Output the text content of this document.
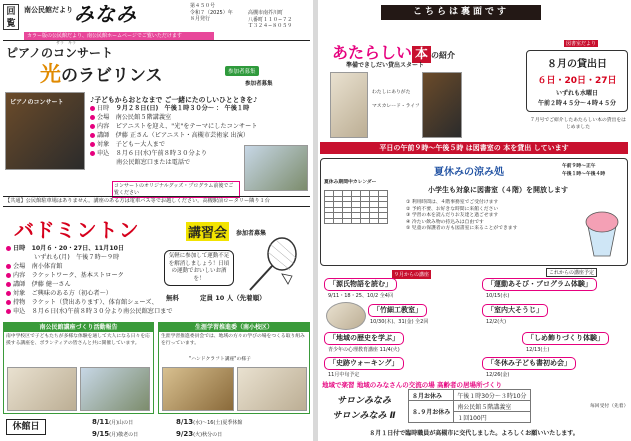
回覧
南公民館だより みなみ	第４５０号
令和７（2025）年
８月発行
高槻市南芥川町
八番町１１０−７２
Ｔ３２４−８０５９
カラー版の公民館だより、南公民館ホームページでご覧いただけます
ピアノのコンサート
サラ　キラ
光のラビリンス	参加者募集
参加者募集
♪子どもからおとなまで ご一緒にたのしいひとときを♪
ピアノのコンサート
日時　 ９月２８日(日)　午後１時３０分〜 ： 午後１時
会場　 南公民館５階講義室
内容　 ピアニストを迎え、"光"をテーマにしたコンサート
講師　 伊藤 正さん（ピアニスト・高槻市芸術家 出演）
対象　 子ども〜大人まで
申込　 ８月６日(水)午前８時３０分より
南公民館窓口または電話で
コンサートのオリジナルグッズ・プログラム前後でご覧ください
【共通】公民館駐車場はありません。講座のある方は電車バス等でお越しください。高槻駅前ロータリー隣り１台
バドミントン	講習会	参加者募集
日時　 10月６・20・27日、11月10日
いずれも(月)　午後７時〜９時
会場　 南小体育館
内容　 ラケットワーク、基本ストローク
講師　 伊藤 健一さん
対象　 ご興味のある方（初心者〜）
持物　 ラケット（貸出あります）、体育館シューズ、
申込　 ８月６日(水)午前８時３０分より南公民館窓口まで
気軽に参加して運動不足を解消しましょう！日頃の運動でおいしいお酒を！
定員 10 人（先着順）
無料
南公民館講座づくり活動報告
南中学校区で子どもたちが多様な体験を通して大人になる日々を応援する講座を、ボランティアの皆さんと共に開催しています。
生涯学習推進委（南小校区）
生涯学習推進委員会では、地域の方々の学びの場をつくる取り組みを行っています。
"ハンドクラフト講座"の様子
休館日	8/11(月)山の日	8/13(水)〜16(土)夏季休館
9/15(月)敬老の日	9/23(火)秋分の日
こちらは裏面です
あたらしい 本 の紹介
準備できしだい貸出スタート
わたしにありがた
マスカレード・ライフ
図書室だより
８月の貸出日
６日・20日・27日
いずれも水曜日
午前２時４５分〜４時４５分
７月号でご紹介したあたらしい本の貸出をはじめました
平日の午前９時〜午後５時 は図書室の 本を貸出 しています
夏休みの涼み処
夏休み期間中カレンダー

小学生も対象に図書室（４階）を開放します
午前９時〜正午
午後１時〜午後４時
① 利用時間は、４階事務室でご受付けます
② 予約不要、お好きな時間に来館ください
③ 学習の本を読んだりお友達と過ごせます
④ 冷たい飲み物の持込みは自由です
⑤ 児童の保護者の方も図書室に来ることができます
これからの講座予定
９月からの講座
「源氏物語を読む」
9/11・18・25、10/2 全4回
「竹細工教室」
10/30(木)、31(金) 全2回
「地域の歴史を学ぶ」
青少年の心理教育講座 11/4(火)
「史跡ウォーキング」
11月中旬予定
「運動あそび・プログラム体験」
10/15(水)
「室内大そうじ」
12/2(火)
「しめ飾りづくり体験」
12/13(土)
「冬休み子ども書初め会」
12/26(金)
地域で楽習 地域のみなさんの交流の場 高齢者の居場所づくり
サロンみなみ
サロンみなみ Ⅱ
８月お休み	午後１時30分〜３時10分
８.９月お休み	南公民館５階講義室
	１回100円
毎回受付（先着）
８月１日付で臨時職員が高槻市に交代しました。よろしくお願いいたします。
